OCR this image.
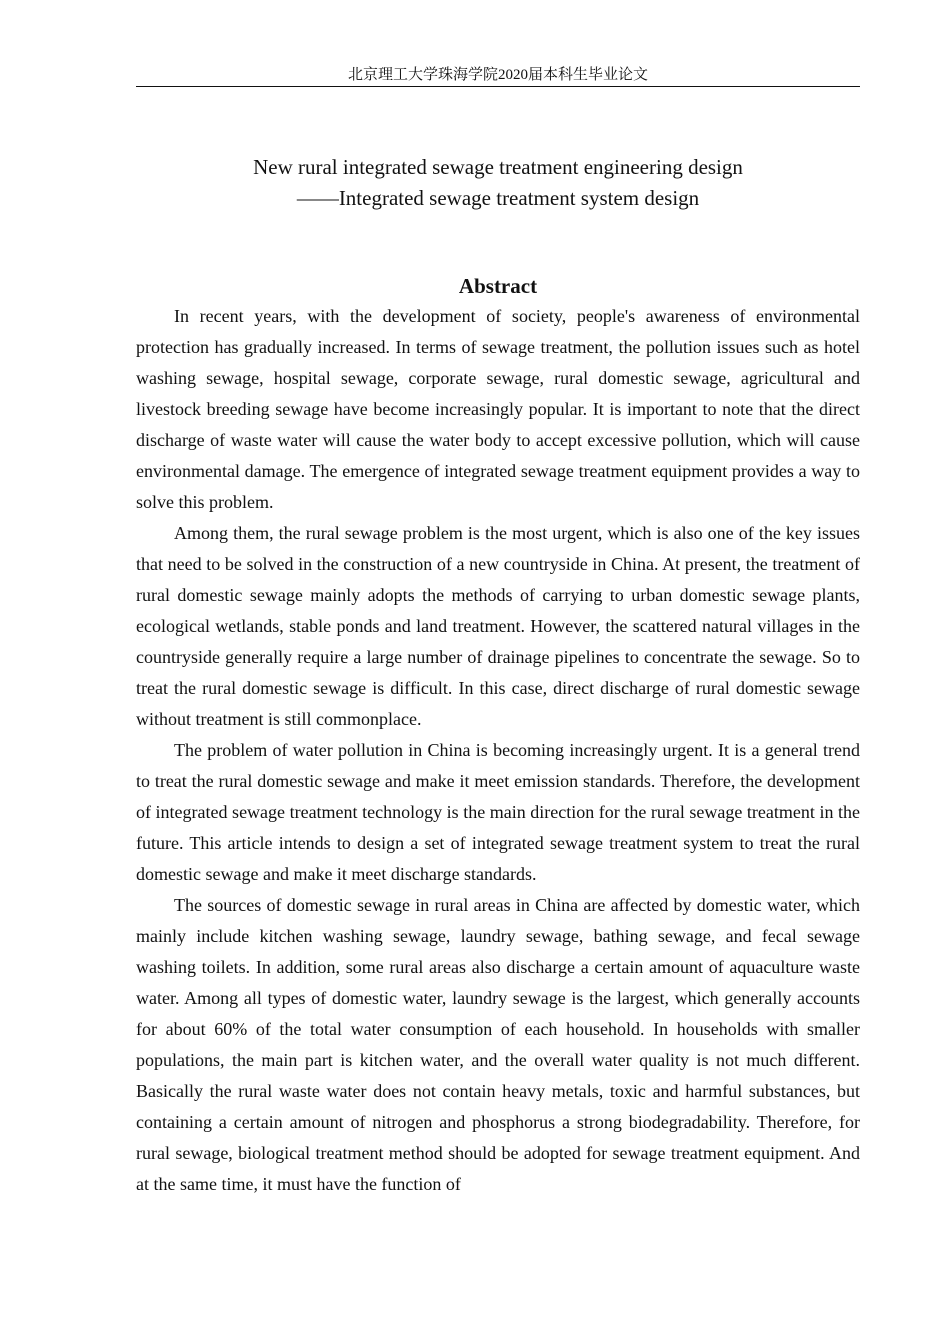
北京理工大学珠海学院2020届本科生毕业论文
New rural integrated sewage treatment engineering design
——Integrated sewage treatment system design
Abstract

In recent years, with the development of society, people's awareness of environmental protection has gradually increased. In terms of sewage treatment, the pollution issues such as hotel washing sewage, hospital sewage, corporate sewage, rural domestic sewage, agricultural and livestock breeding sewage have become increasingly popular. It is important to note that the direct discharge of waste water will cause the water body to accept excessive pollution, which will cause environmental damage. The emergence of integrated sewage treatment equipment provides a way to solve this problem.

Among them, the rural sewage problem is the most urgent, which is also one of the key issues that need to be solved in the construction of a new countryside in China. At present, the treatment of rural domestic sewage mainly adopts the methods of carrying to urban domestic sewage plants, ecological wetlands, stable ponds and land treatment. However, the scattered natural villages in the countryside generally require a large number of drainage pipelines to concentrate the sewage. So to treat the rural domestic sewage is difficult. In this case, direct discharge of rural domestic sewage without treatment is still commonplace.

The problem of water pollution in China is becoming increasingly urgent. It is a general trend to treat the rural domestic sewage and make it meet emission standards. Therefore, the development of integrated sewage treatment technology is the main direction for the rural sewage treatment in the future. This article intends to design a set of integrated sewage treatment system to treat the rural domestic sewage and make it meet discharge standards.

The sources of domestic sewage in rural areas in China are affected by domestic water, which mainly include kitchen washing sewage, laundry sewage, bathing sewage, and fecal sewage washing toilets. In addition, some rural areas also discharge a certain amount of aquaculture waste water. Among all types of domestic water, laundry sewage is the largest, which generally accounts for about 60% of the total water consumption of each household. In households with smaller populations, the main part is kitchen water, and the overall water quality is not much different. Basically the rural waste water does not contain heavy metals, toxic and harmful substances, but containing a certain amount of nitrogen and phosphorus a strong biodegradability. Therefore, for rural sewage, biological treatment method should be adopted for sewage treatment equipment. And at the same time, it must have the function of
